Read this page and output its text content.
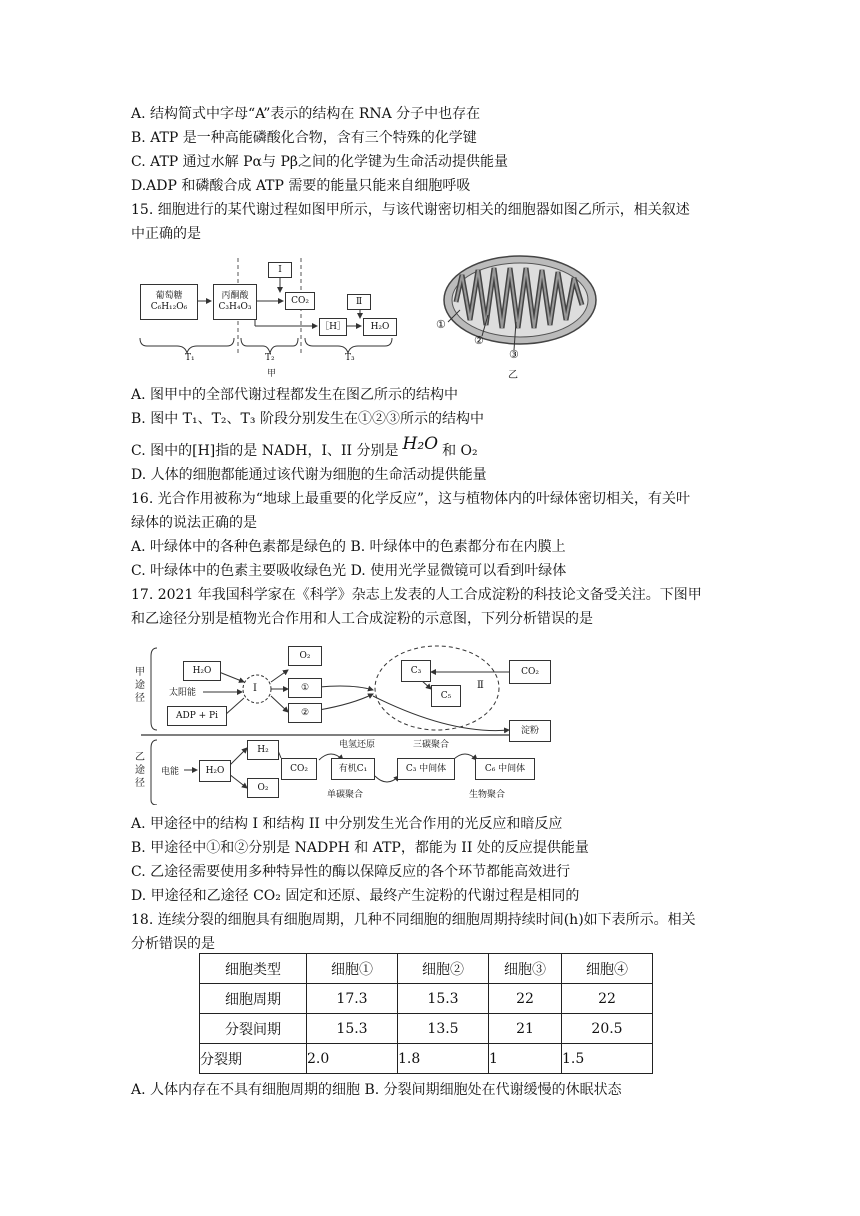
A. 结构简式中字母“A”表示的结构在 RNA 分子中也存在
B. ATP 是一种高能磷酸化合物，含有三个特殊的化学键
C. ATP 通过水解 Pα与 Pβ之间的化学键为生命活动提供能量
D.ADP 和磷酸合成 ATP 需要的能量只能来自细胞呼吸
15. 细胞进行的某代谢过程如图甲所示，与该代谢密切相关的细胞器如图乙所示，相关叙述
中正确的是
葡萄糖
C₆H₁₂O₆
丙酮酸
C₃H₄O₃
Ⅰ
CO₂	Ⅱ
［H］	H₂O
T₁	T₂	T₃
甲
①
②
③
乙
A. 图甲中的全部代谢过程都发生在图乙所示的结构中
B. 图中 T₁、T₂、T₃ 阶段分别发生在①②③所示的结构中
C. 图中的[H]指的是 NADH，I、II 分别是 H₂O 和 O₂
D. 人体的细胞都能通过该代谢为细胞的生命活动提供能量
16. 光合作用被称为“地球上最重要的化学反应”，这与植物体内的叶绿体密切相关，有关叶
绿体的说法正确的是
A. 叶绿体中的各种色素都是绿色的 B. 叶绿体中的色素都分布在内膜上
C. 叶绿体中的色素主要吸收绿色光 D. 使用光学显微镜可以看到叶绿体
17. 2021 年我国科学家在《科学》杂志上发表的人工合成淀粉的科技论文备受关注。下图甲
和乙途径分别是植物光合作用和人工合成淀粉的示意图，下列分析错误的是
甲途径
乙途径
H₂O
太阳能
ADP + Pi
Ⅰ
O₂
①
②
C₃
C₅
Ⅱ
CO₂
淀粉
电能	H₂O
H₂
O₂
CO₂	有机C₁	C₃ 中间体	C₆ 中间体
电氢还原	三碳聚合
单碳聚合	生物聚合
A. 甲途径中的结构 I 和结构 II 中分别发生光合作用的光反应和暗反应
B. 甲途径中①和②分别是 NADPH 和 ATP，都能为 II 处的反应提供能量
C. 乙途径需要使用多种特异性的酶以保障反应的各个环节都能高效进行
D. 甲途径和乙途径 CO₂ 固定和还原、最终产生淀粉的代谢过程是相同的
18. 连续分裂的细胞具有细胞周期，几种不同细胞的细胞周期持续时间(h)如下表所示。相关
分析错误的是
细胞类型	细胞①	细胞②	细胞③	细胞④
细胞周期	17.3	15.3	22	22
分裂间期	15.3	13.5	21	20.5
分裂期	2.0	1.8	1	1.5
A. 人体内存在不具有细胞周期的细胞 B. 分裂间期细胞处在代谢缓慢的休眠状态
